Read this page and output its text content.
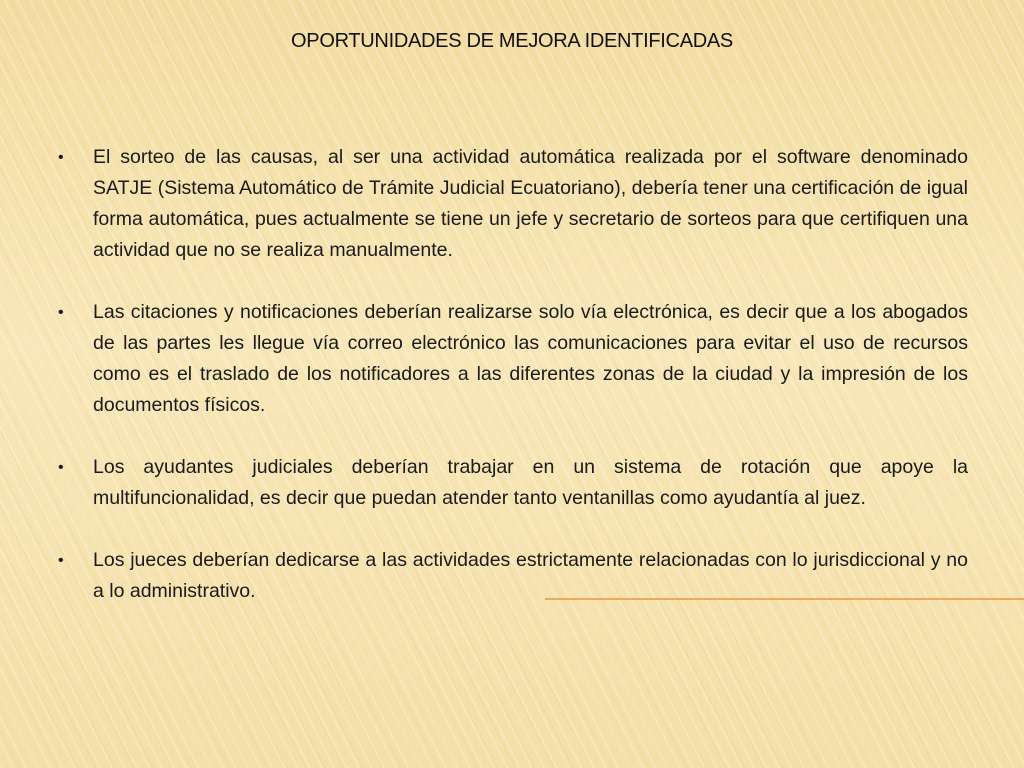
OPORTUNIDADES DE MEJORA IDENTIFICADAS
• El sorteo de las causas, al ser una actividad automática realizada por el software denominado SATJE (Sistema Automático de Trámite Judicial Ecuatoriano), debería tener una certificación de igual forma automática, pues actualmente se tiene un jefe y secretario de sorteos para que certifiquen una actividad que no se realiza manualmente.
• Las citaciones y notificaciones deberían realizarse solo vía electrónica, es decir que a los abogados de las partes les llegue vía correo electrónico las comunicaciones para evitar el uso de recursos como es el traslado de los notificadores a las diferentes zonas de la ciudad y la impresión de los documentos físicos.
• Los ayudantes judiciales deberían trabajar en un sistema de rotación que apoye la multifuncionalidad, es decir que puedan atender tanto ventanillas como ayudantía al juez.
• Los jueces deberían dedicarse a las actividades estrictamente relacionadas con lo jurisdiccional y no a lo administrativo.
